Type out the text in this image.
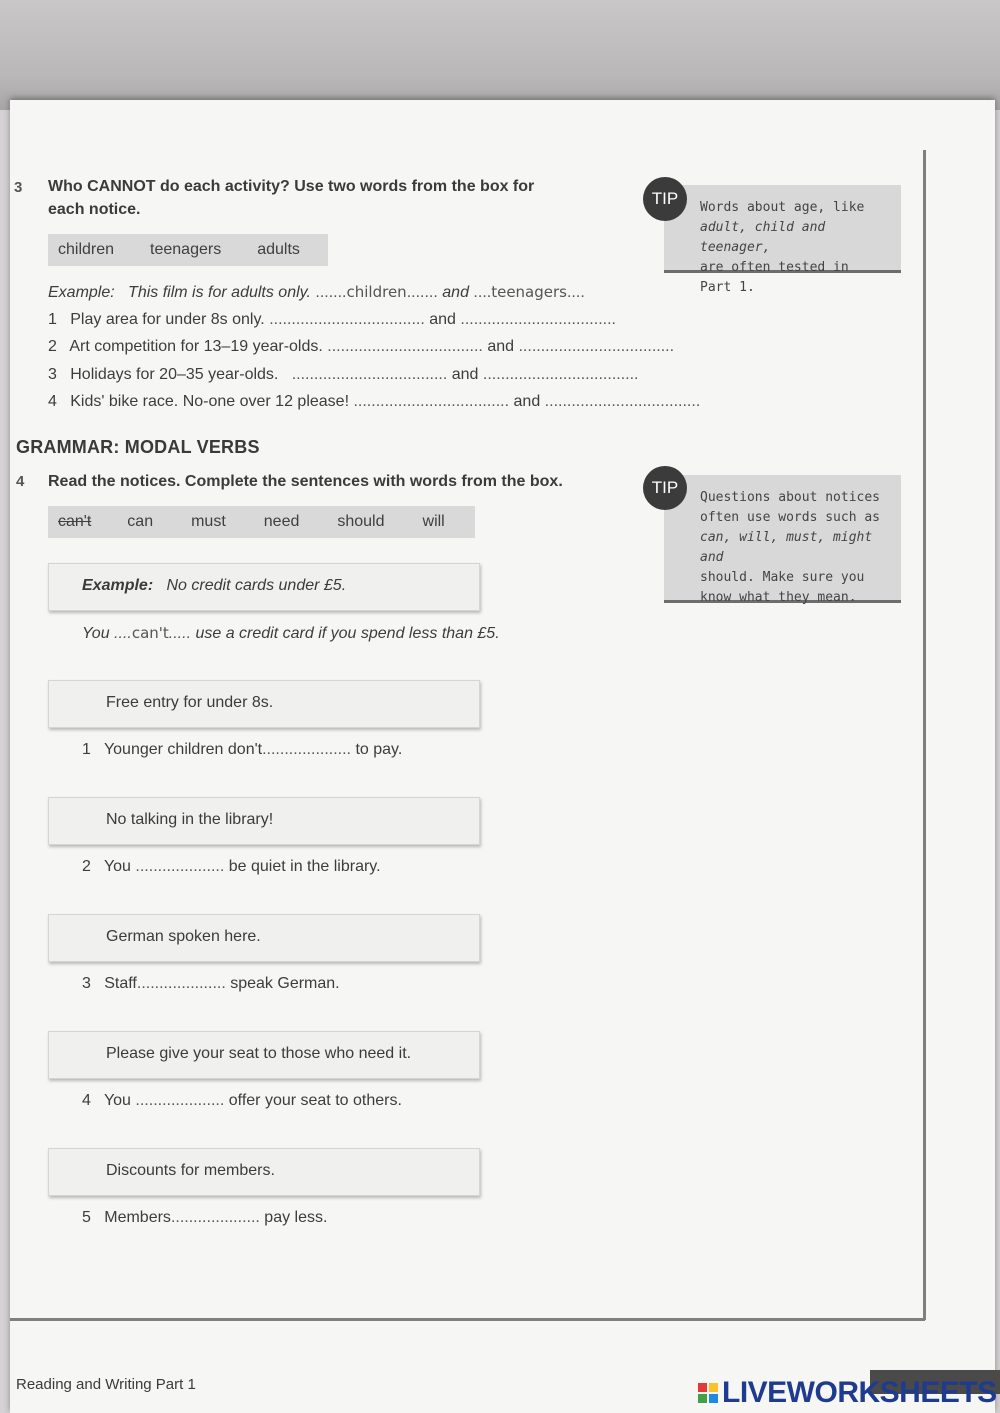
3 Who CANNOT do each activity? Use two words from the box for
each notice.
children teenagers adults
Example: This film is for adults only. .......children....... and ....teenagers....
1 Play area for under 8s only. ................................... and ...................................
2 Art competition for 13–19 year-olds. ................................... and ...................................
3 Holidays for 20–35 year-olds. ................................... and ...................................
4 Kids' bike race. No-one over 12 please! ................................... and ...................................
Words about age, like
adult, child and teenager,
are often tested in Part 1.
TIP
GRAMMAR: MODAL VERBS
4 Read the notices. Complete the sentences with words from the box.
can't can must need should will
Example: No credit cards under £5.
You ....can't..... use a credit card if you spend less than £5.
Free entry for under 8s.
1 Younger children don't.................... to pay.
No talking in the library!
2 You .................... be quiet in the library.
German spoken here.
3 Staff.................... speak German.
Please give your seat to those who need it.
4 You .................... offer your seat to others.
Discounts for members.
5 Members.................... pay less.
Questions about notices
often use words such as
can, will, must, might and
should. Make sure you
know what they mean.
TIP
Reading and Writing Part 1	LIVEWORKSHEETS
